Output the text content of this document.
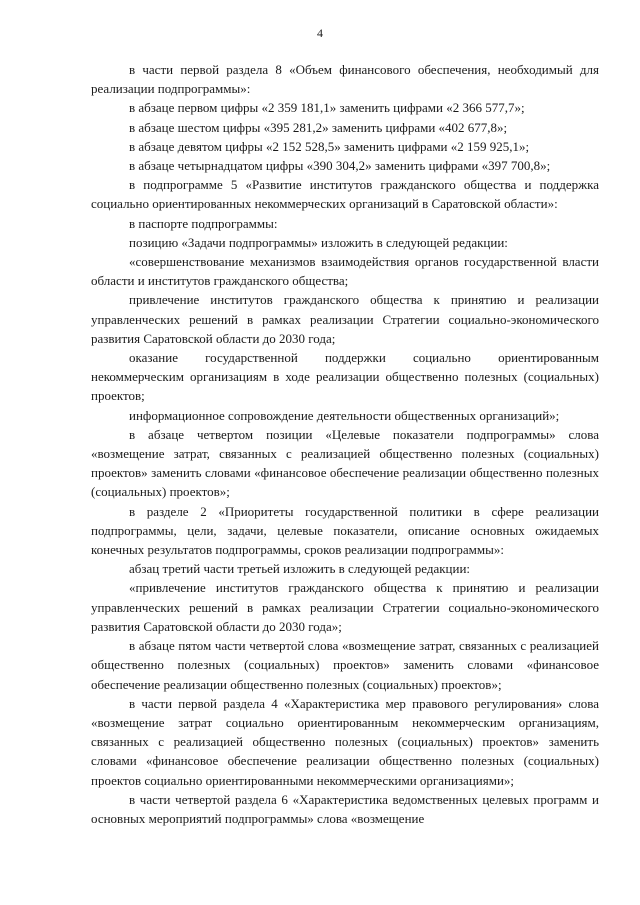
4

в части первой раздела 8 «Объем финансового обеспечения, необходимый для реализации подпрограммы»:

в абзаце первом цифры «2 359 181,1» заменить цифрами «2 366 577,7»;

в абзаце шестом цифры «395 281,2» заменить цифрами «402 677,8»;

в абзаце девятом цифры «2 152 528,5» заменить цифрами «2 159 925,1»;

в абзаце четырнадцатом цифры «390 304,2» заменить цифрами «397 700,8»;

в подпрограмме 5 «Развитие институтов гражданского общества и поддержка социально ориентированных некоммерческих организаций в Саратовской области»:

в паспорте подпрограммы:

позицию «Задачи подпрограммы» изложить в следующей редакции:

«совершенствование механизмов взаимодействия органов государственной власти области и институтов гражданского общества;

привлечение институтов гражданского общества к принятию и реализации управленческих решений в рамках реализации Стратегии социально-экономического развития Саратовской области до 2030 года;

оказание государственной поддержки социально ориентированным некоммерческим организациям в ходе реализации общественно полезных (социальных) проектов;

информационное сопровождение деятельности общественных организаций»;

в абзаце четвертом позиции «Целевые показатели подпрограммы» слова «возмещение затрат, связанных с реализацией общественно полезных (социальных) проектов» заменить словами «финансовое обеспечение реализации общественно полезных (социальных) проектов»;

в разделе 2 «Приоритеты государственной политики в сфере реализации подпрограммы, цели, задачи, целевые показатели, описание основных ожидаемых конечных результатов подпрограммы, сроков реализации подпрограммы»:

абзац третий части третьей изложить в следующей редакции:

«привлечение институтов гражданского общества к принятию и реализации управленческих решений в рамках реализации Стратегии социально-экономического развития Саратовской области до 2030 года»;

в абзаце пятом части четвертой слова «возмещение затрат, связанных с реализацией общественно полезных (социальных) проектов» заменить словами «финансовое обеспечение реализации общественно полезных (социальных) проектов»;

в части первой раздела 4 «Характеристика мер правового регулирования» слова «возмещение затрат социально ориентированным некоммерческим организациям, связанных с реализацией общественно полезных (социальных) проектов» заменить словами «финансовое обеспечение реализации общественно полезных (социальных) проектов социально ориентированными некоммерческими организациями»;

в части четвертой раздела 6 «Характеристика ведомственных целевых программ и основных мероприятий подпрограммы» слова «возмещение
